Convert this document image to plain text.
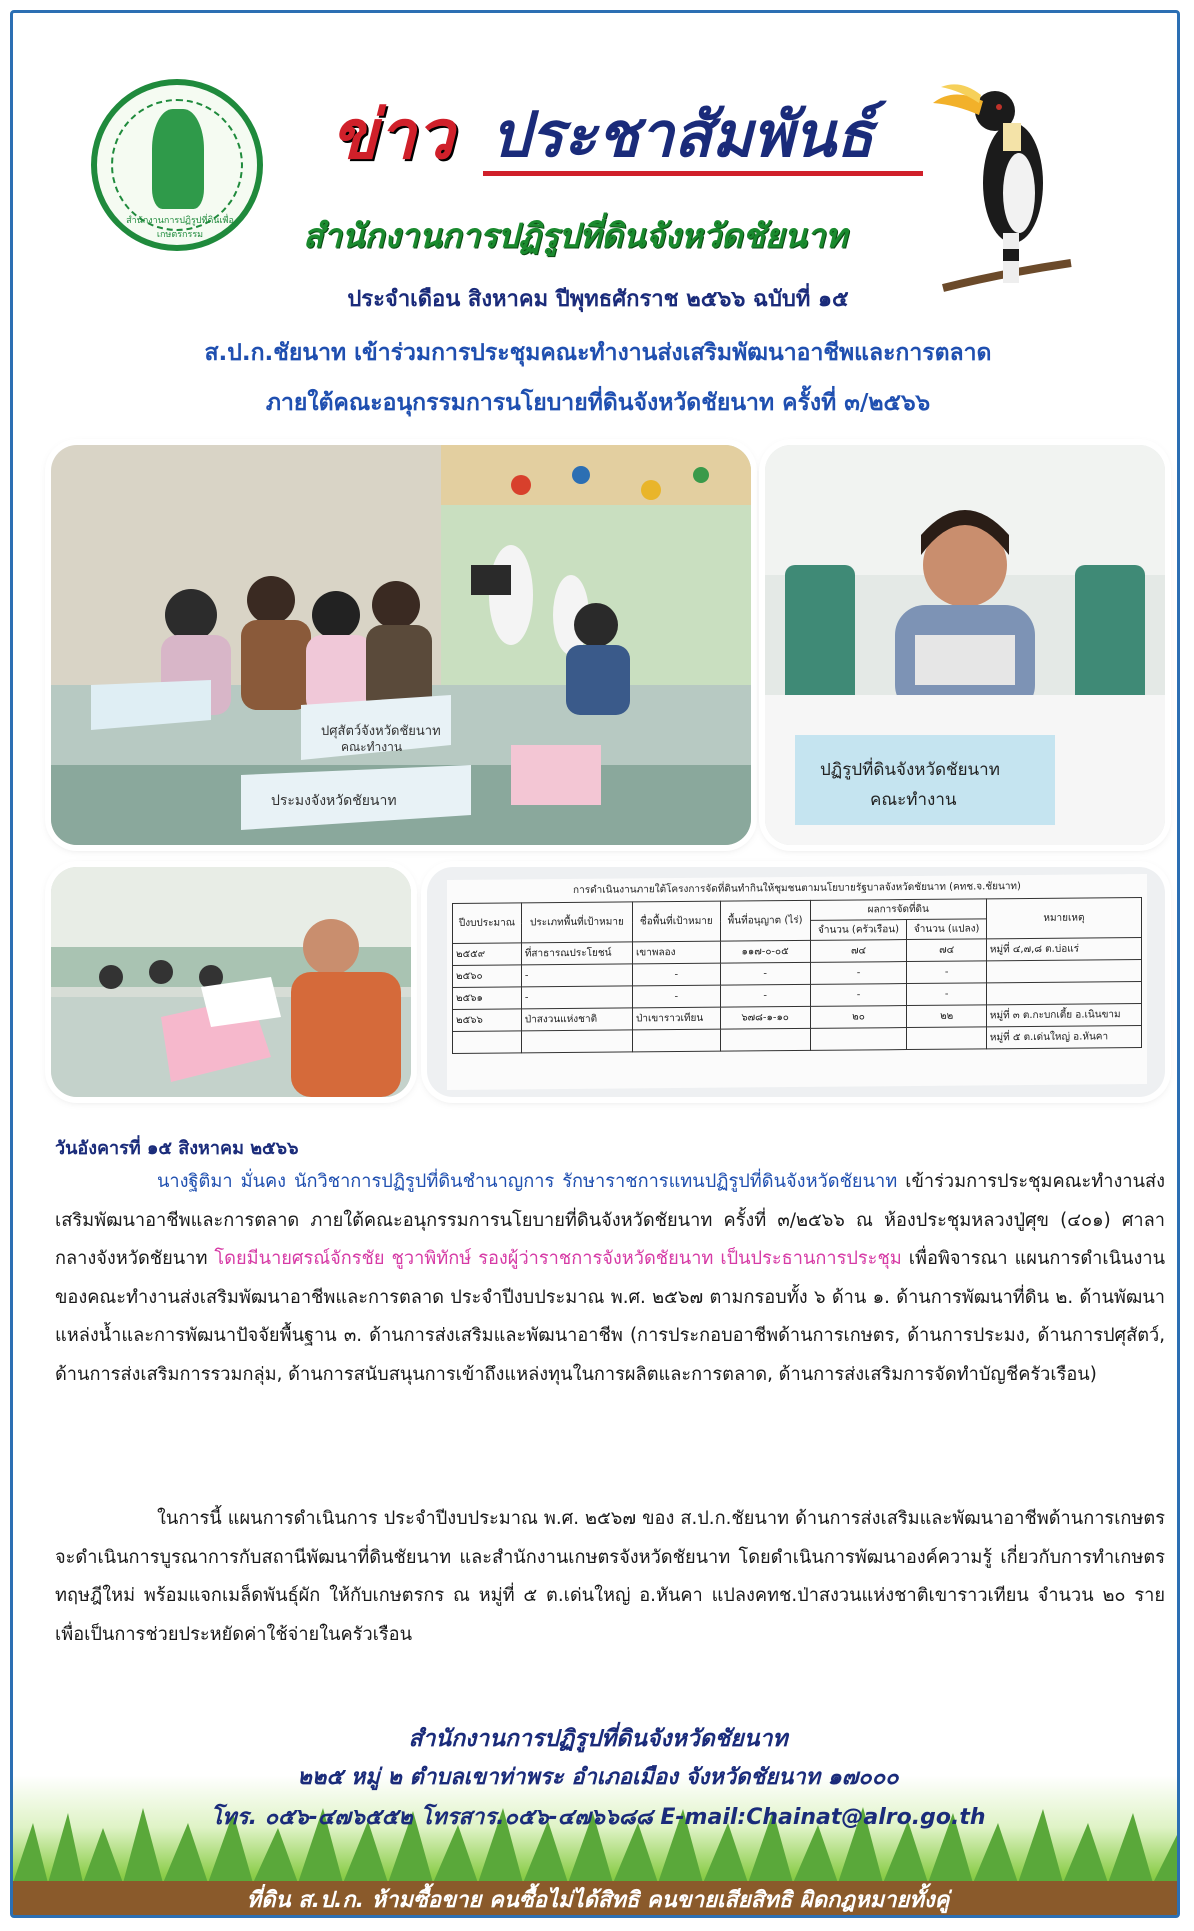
สำนักงานการปฏิรูปที่ดินเพื่อเกษตรกรรม
ข่าว ประชาสัมพันธ์
สำนักงานการปฏิรูปที่ดินจังหวัดชัยนาท
ประจำเดือน สิงหาคม ปีพุทธศักราช ๒๕๖๖ ฉบับที่ ๑๕
ส.ป.ก.ชัยนาท เข้าร่วมการประชุมคณะทำงานส่งเสริมพัฒนาอาชีพและการตลาด
ภายใต้คณะอนุกรรมการนโยบายที่ดินจังหวัดชัยนาท ครั้งที่ ๓/๒๕๖๖
ปศุสัตว์จังหวัดชัยนาท
คณะทำงาน
ประมงจังหวัดชัยนาท
ปฏิรูปที่ดินจังหวัดชัยนาท
คณะทำงาน
การดำเนินงานภายใต้โครงการจัดที่ดินทำกินให้ชุมชนตามนโยบายรัฐบาลจังหวัดชัยนาท (คทช.จ.ชัยนาท)
ปีงบประมาณ	ประเภทพื้นที่เป้าหมาย	ชื่อพื้นที่เป้าหมาย	พื้นที่อนุญาต (ไร่)	ผลการจัดที่ดิน		หมายเหตุ
				จำนวน (ครัวเรือน)	จำนวน (แปลง)	
๒๕๕๙	ที่สาธารณประโยชน์	เขาพลอง	๑๑๗-๐-๐๕	๗๔	๗๔	หมู่ที่ ๔,๗,๘ ต.บ่อแร่
๒๕๖๐	-	-	-	-	-	
๒๕๖๑	-	-	-	-	-	
๒๕๖๖	ป่าสงวนแห่งชาติ	ป่าเขาราวเทียน	๖๗๘-๑-๑๐	๒๐	๒๒	หมู่ที่ ๓ ต.กะบกเตี้ย อ.เนินขาม
						หมู่ที่ ๕ ต.เด่นใหญ่ อ.หันคา
วันอังคารที่ ๑๕ สิงหาคม ๒๕๖๖
นางฐิติมา มั่นคง นักวิชาการปฏิรูปที่ดินชำนาญการ รักษาราชการแทนปฏิรูปที่ดินจังหวัดชัยนาท เข้าร่วมการประชุมคณะทำงานส่งเสริมพัฒนาอาชีพและการตลาด ภายใต้คณะอนุกรรมการนโยบายที่ดินจังหวัดชัยนาท ครั้งที่ ๓/๒๕๖๖ ณ ห้องประชุมหลวงปู่ศุข (๔๐๑) ศาลากลางจังหวัดชัยนาท โดยมีนายศรณ์จักรชัย ชูวาพิทักษ์ รองผู้ว่าราชการจังหวัดชัยนาท เป็นประธานการประชุม เพื่อพิจารณา แผนการดำเนินงานของคณะทำงานส่งเสริมพัฒนาอาชีพและการตลาด ประจำปีงบประมาณ พ.ศ. ๒๕๖๗ ตามกรอบทั้ง ๖ ด้าน ๑. ด้านการพัฒนาที่ดิน ๒. ด้านพัฒนาแหล่งน้ำและการพัฒนาปัจจัยพื้นฐาน ๓. ด้านการส่งเสริมและพัฒนาอาชีพ (การประกอบอาชีพด้านการเกษตร, ด้านการประมง, ด้านการปศุสัตว์, ด้านการส่งเสริมการรวมกลุ่ม, ด้านการสนับสนุนการเข้าถึงแหล่งทุนในการผลิตและการตลาด, ด้านการส่งเสริมการจัดทำบัญชีครัวเรือน)
ในการนี้ แผนการดำเนินการ ประจำปีงบประมาณ พ.ศ. ๒๕๖๗ ของ ส.ป.ก.ชัยนาท ด้านการส่งเสริมและพัฒนาอาชีพด้านการเกษตร จะดำเนินการบูรณาการกับสถานีพัฒนาที่ดินชัยนาท และสำนักงานเกษตรจังหวัดชัยนาท โดยดำเนินการพัฒนาองค์ความรู้ เกี่ยวกับการทำเกษตรทฤษฎีใหม่ พร้อมแจกเมล็ดพันธุ์ผัก ให้กับเกษตรกร ณ หมู่ที่ ๕ ต.เด่นใหญ่ อ.หันคา แปลงคทช.ป่าสงวนแห่งชาติเขาราวเทียน จำนวน ๒๐ ราย เพื่อเป็นการช่วยประหยัดค่าใช้จ่ายในครัวเรือน
สำนักงานการปฏิรูปที่ดินจังหวัดชัยนาท
๒๒๕ หมู่ ๒ ตำบลเขาท่าพระ อำเภอเมือง จังหวัดชัยนาท ๑๗๐๐๐
โทร. ๐๕๖-๔๗๖๕๕๒ โทรสาร.๐๕๖-๔๗๖๖๘๘ E-mail:Chainat@alro.go.th
ที่ดิน ส.ป.ก. ห้ามซื้อขาย คนซื้อไม่ได้สิทธิ คนขายเสียสิทธิ ผิดกฎหมายทั้งคู่
